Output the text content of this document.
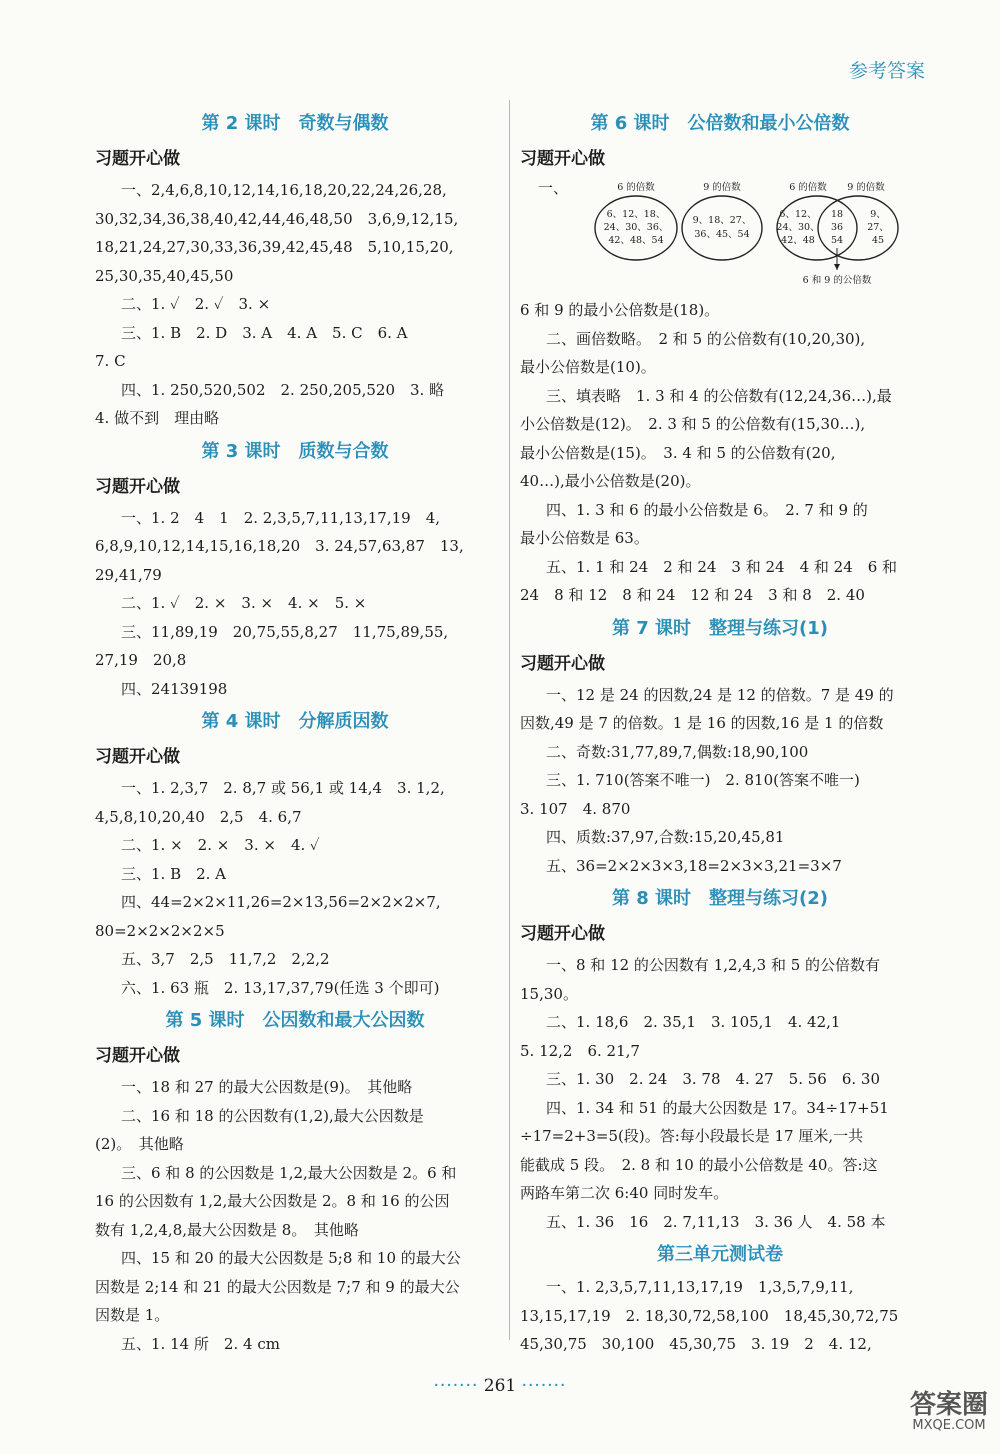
参考答案
第 2 课时　奇数与偶数
习题开心做
一、2,4,6,8,10,12,14,16,18,20,22,24,26,28,
30,32,34,36,38,40,42,44,46,48,50　3,6,9,12,15,
18,21,24,27,30,33,36,39,42,45,48　5,10,15,20,
25,30,35,40,45,50
二、1. ✓　2. ✓　3. ×
三、1. B　2. D　3. A　4. A　5. C　6. A
7. C
四、1. 250,520,502　2. 250,205,520　3. 略
4. 做不到　理由略
第 3 课时　质数与合数
习题开心做
一、1. 2　4　1　2. 2,3,5,7,11,13,17,19　4,
6,8,9,10,12,14,15,16,18,20　3. 24,57,63,87　13,
29,41,79
二、1. ✓　2. ×　3. ×　4. ×　5. ×
三、11,89,19　20,75,55,8,27　11,75,89,55,
27,19　20,8
四、24139198
第 4 课时　分解质因数
习题开心做
一、1. 2,3,7　2. 8,7 或 56,1 或 14,4　3. 1,2,
4,5,8,10,20,40　2,5　4. 6,7
二、1. ×　2. ×　3. ×　4. ✓
三、1. B　2. A
四、44=2×2×11,26=2×13,56=2×2×2×7,
80=2×2×2×2×5
五、3,7　2,5　11,7,2　2,2,2
六、1. 63 瓶　2. 13,17,37,79(任选 3 个即可)
第 5 课时　公因数和最大公因数
习题开心做
一、18 和 27 的最大公因数是(9)。　其他略
二、16 和 18 的公因数有(1,2),最大公因数是
(2)。　其他略
三、6 和 8 的公因数是 1,2,最大公因数是 2。6 和
16 的公因数有 1,2,最大公因数是 2。8 和 16 的公因
数有 1,2,4,8,最大公因数是 8。　其他略
四、15 和 20 的最大公因数是 5;8 和 10 的最大公
因数是 2;14 和 21 的最大公因数是 7;7 和 9 的最大公
因数是 1。
五、1. 14 所　2. 4 cm
第 6 课时　公倍数和最小公倍数
习题开心做
一、	6 的倍数
6、12、18、
24、30、36、
42、48、54
9 的倍数
9、18、27、
36、45、54
6 的倍数 9 的倍数
6、12、
24、30、
42、48
18
36
54
9、
27、
45
6 和 9 的公倍数
6 和 9 的最小公倍数是(18)。
二、画倍数略。　2 和 5 的公倍数有(10,20,30),
最小公倍数是(10)。
三、填表略　1. 3 和 4 的公倍数有(12,24,36…),最
小公倍数是(12)。　2. 3 和 5 的公倍数有(15,30…),
最小公倍数是(15)。　3. 4 和 5 的公倍数有(20,
40…),最小公倍数是(20)。
四、1. 3 和 6 的最小公倍数是 6。　2. 7 和 9 的
最小公倍数是 63。
五、1. 1 和 24　2 和 24　3 和 24　4 和 24　6 和
24　8 和 12　8 和 24　12 和 24　3 和 8　2. 40
第 7 课时　整理与练习(1)
习题开心做
一、12 是 24 的因数,24 是 12 的倍数。7 是 49 的
因数,49 是 7 的倍数。1 是 16 的因数,16 是 1 的倍数
二、奇数:31,77,89,7,偶数:18,90,100
三、1. 710(答案不唯一)　2. 810(答案不唯一)
3. 107　4. 870
四、质数:37,97,合数:15,20,45,81
五、36=2×2×3×3,18=2×3×3,21=3×7
第 8 课时　整理与练习(2)
习题开心做
一、8 和 12 的公因数有 1,2,4,3 和 5 的公倍数有
15,30。
二、1. 18,6　2. 35,1　3. 105,1　4. 42,1
5. 12,2　6. 21,7
三、1. 30　2. 24　3. 78　4. 27　5. 56　6. 30
四、1. 34 和 51 的最大公因数是 17。34÷17+51
÷17=2+3=5(段)。答:每小段最长是 17 厘米,一共
能截成 5 段。　2. 8 和 10 的最小公倍数是 40。答:这
两路车第二次 6:40 同时发车。
五、1. 36　16　2. 7,11,13　3. 36 人　4. 58 本
第三单元测试卷
一、1. 2,3,5,7,11,13,17,19　1,3,5,7,9,11,
13,15,17,19　2. 18,30,72,58,100　18,45,30,72,75
45,30,75　30,100　45,30,75　3. 19　2　4. 12,
······· 261 ·······
答案圈
MXQE.COM
